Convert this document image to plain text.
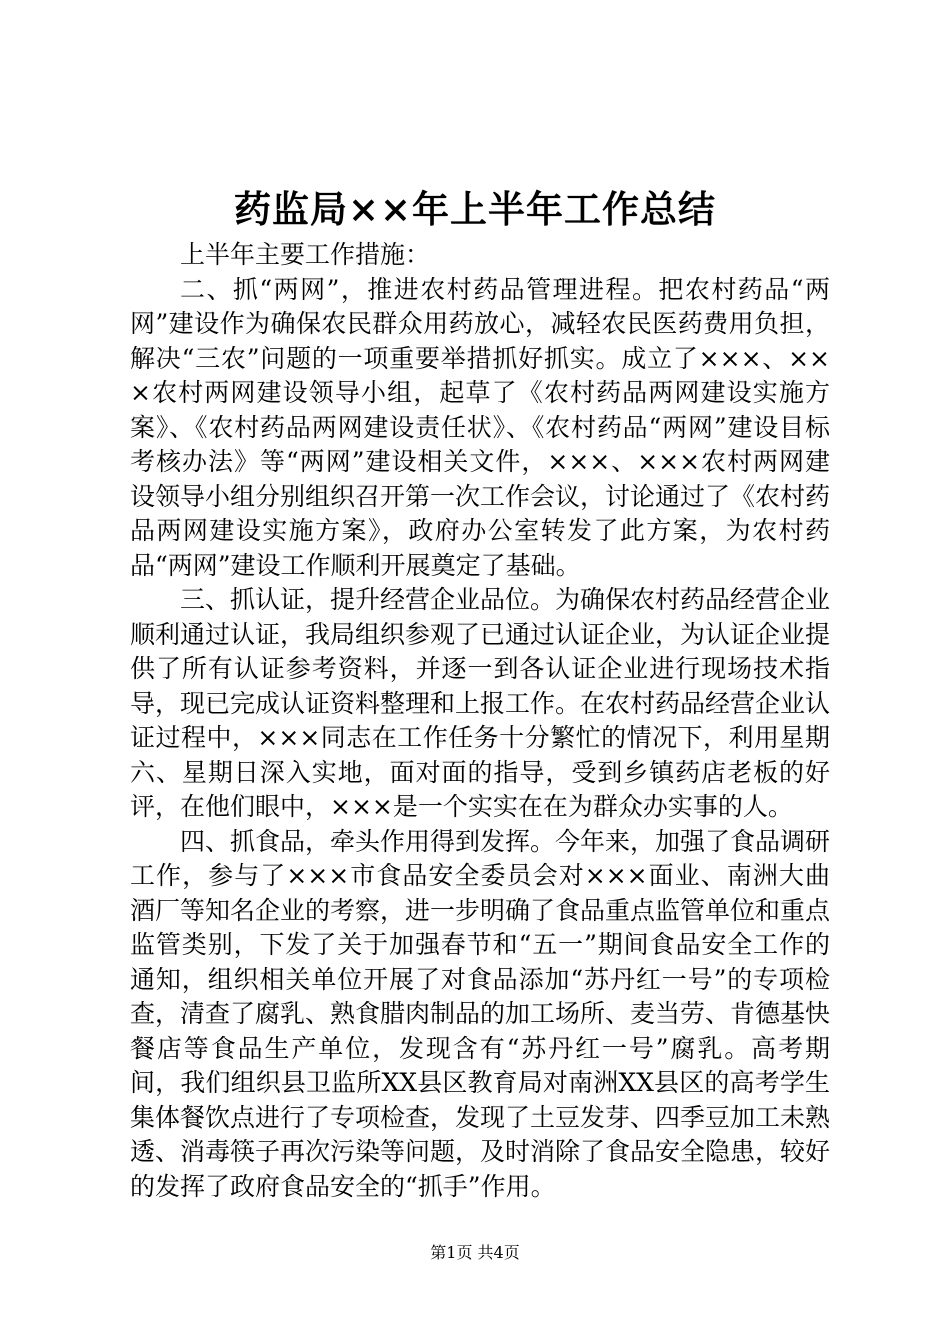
药监局××年上半年工作总结

上半年主要工作措施：

二、抓“两网”，推进农村药品管理进程。把农村药品“两网”建设作为确保农民群众用药放心，减轻农民医药费用负担，解决“三农”问题的一项重要举措抓好抓实。成立了×××、×××农村两网建设领导小组，起草了《农村药品两网建设实施方案》、《农村药品两网建设责任状》、《农村药品“两网”建设目标考核办法》等“两网”建设相关文件，×××、×××农村两网建设领导小组分别组织召开第一次工作会议，讨论通过了《农村药品两网建设实施方案》，政府办公室转发了此方案，为农村药品“两网”建设工作顺利开展奠定了基础。

三、抓认证，提升经营企业品位。为确保农村药品经营企业顺利通过认证，我局组织参观了已通过认证企业，为认证企业提供了所有认证参考资料，并逐一到各认证企业进行现场技术指导，现已完成认证资料整理和上报工作。在农村药品经营企业认证过程中，×××同志在工作任务十分繁忙的情况下，利用星期六、星期日深入实地，面对面的指导，受到乡镇药店老板的好评，在他们眼中，×××是一个实实在在为群众办实事的人。

四、抓食品，牵头作用得到发挥。今年来，加强了食品调研工作，参与了×××市食品安全委员会对×××面业、南洲大曲酒厂等知名企业的考察，进一步明确了食品重点监管单位和重点监管类别，下发了关于加强春节和“五一”期间食品安全工作的通知，组织相关单位开展了对食品添加“苏丹红一号”的专项检查，清查了腐乳、熟食腊肉制品的加工场所、麦当劳、肯德基快餐店等食品生产单位，发现含有“苏丹红一号”腐乳。高考期间，我们组织县卫监所XX县区教育局对南洲XX县区的高考学生集体餐饮点进行了专项检查，发现了土豆发芽、四季豆加工未熟透、消毒筷子再次污染等问题，及时消除了食品安全隐患，较好的发挥了政府食品安全的“抓手”作用。

第1页 共4页
